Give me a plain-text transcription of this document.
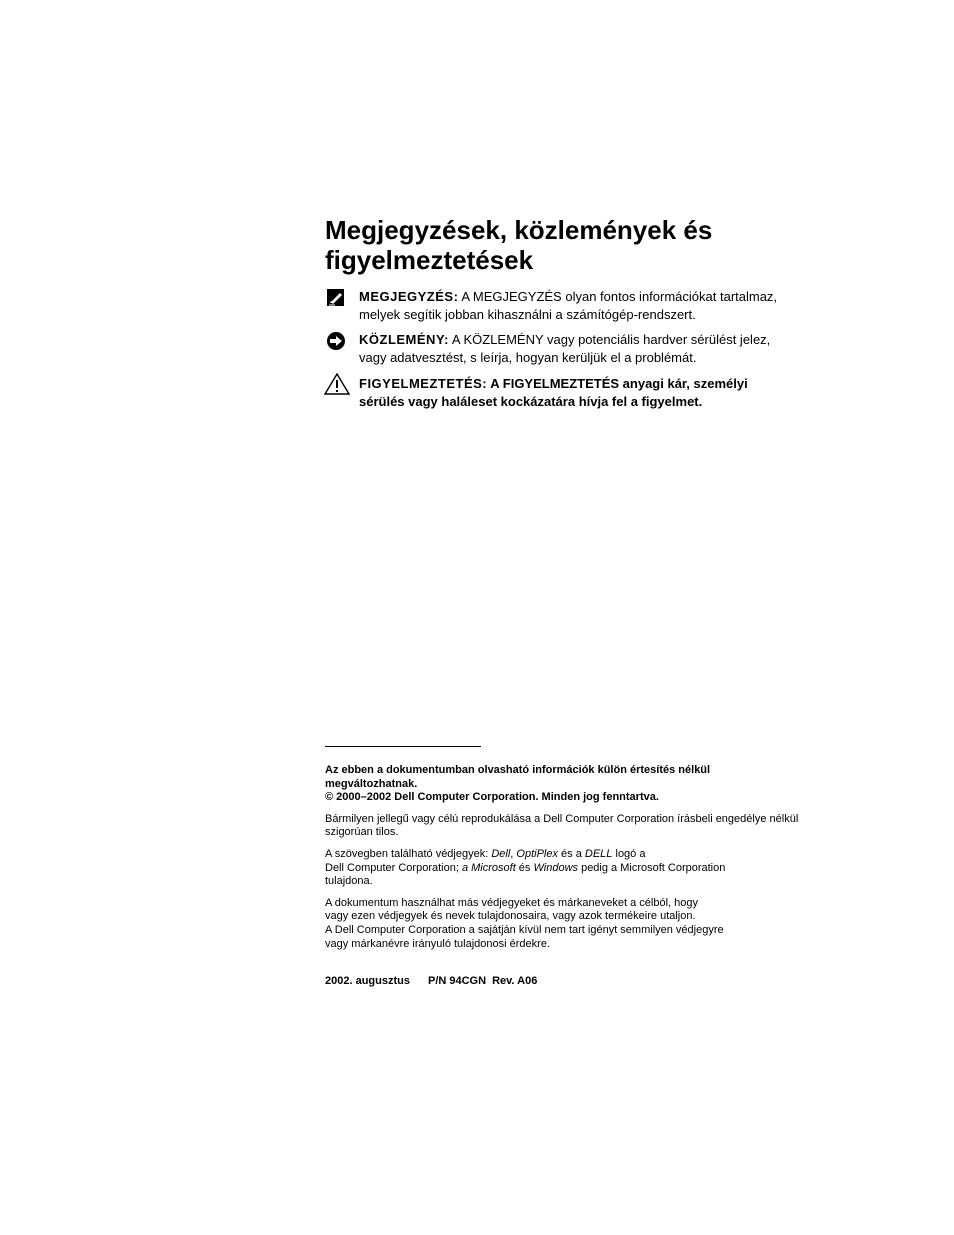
Megjegyzések, közlemények és
figyelmeztetések
MEGJEGYZÉS: A MEGJEGYZÉS olyan fontos információkat tartalmaz,
melyek segítik jobban kihasználni a számítógép-rendszert.
KÖZLEMÉNY: A KÖZLEMÉNY vagy potenciális hardver sérülést jelez,
vagy adatvesztést, s leírja, hogyan kerüljük el a problémát.
FIGYELMEZTETÉS: A FIGYELMEZTETÉS anyagi kár, személyi
sérülés vagy haláleset kockázatára hívja fel a figyelmet.

Az ebben a dokumentumban olvasható információk külön értesítés nélkül
megváltozhatnak.
© 2000–2002 Dell Computer Corporation. Minden jog fenntartva.

Bármilyen jellegű vagy célú reprodukálása a Dell Computer Corporation írásbeli engedélye nélkül szigorúan tilos.

A szövegben található védjegyek: Dell, OptiPlex és a DELL logó a
Dell Computer Corporation; a Microsoft és Windows pedig a Microsoft Corporation
tulajdona.

A dokumentum használhat más védjegyeket és márkaneveket a célból, hogy
vagy ezen védjegyek és nevek tulajdonosaira, vagy azok termékeire utaljon.
A Dell Computer Corporation a sajátján kívül nem tart igényt semmilyen védjegyre
vagy márkanévre irányuló tulajdonosi érdekre.

2002. augusztus P/N 94CGN Rev. A06
